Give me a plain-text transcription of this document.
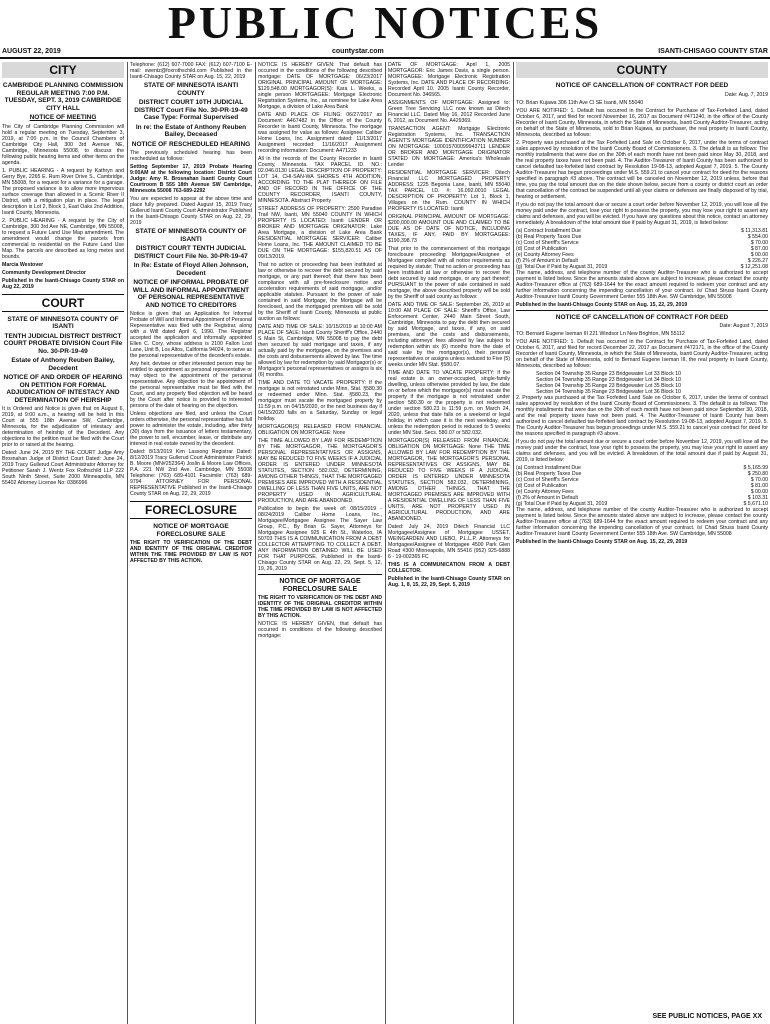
PUBLIC NOTICES
AUGUST 22, 2019	countystar.com	ISANTI-CHISAGO COUNTY STAR
CITY
CAMBRIDGE PLANNING COMMISSION REGULAR MEETING 7:00 P.M. TUESDAY, SEPT. 3, 2019 CAMBRIDGE CITY HALL
NOTICE OF MEETING

The City of Cambridge Planning Commission will hold a regular meeting on Tuesday, September 3, 2019, at 7:00 p.m. in the Council Chambers of Cambridge City Hall, 300 3rd Avenue NE, Cambridge, Minnesota 55008, to discuss the following public hearing items and other items on the agenda.

1. PUBLIC HEARING - A request by Kathryn and Gerry Bye, 2265 E. Rum River Drive S., Cambridge, MN 55008, for a request for a variance for a garage. The proposed variance is to allow more impervious surface coverage than allowed in a Scenic River II District, with a mitigation plan in place. The legal description is Lot 2, Block 1, East Oaks 2nd Addition, Isanti County, Minnesota.

2. PUBLIC HEARING - A request by the City of Cambridge, 300 3rd Ave NE, Cambridge, MN 55008, to request a Future Land Use Map amendment. The amendment would change the parcels from commercial to residential on the Future Land Use Map. The parcels are described as long metes and bounds.

Marcia Westover

Community Development Director

Published in the Isanti-Chisago County STAR on Aug 22, 2019

COURT
STATE OF MINNESOTA COUNTY OF ISANTI
TENTH JUDICIAL DISTRICT DISTRICT COURT PROBATE DIVISION Court File No. 30-PR-19-49
Estate of Anthony Reuben Bailey, Decedent
NOTICE OF AND ORDER OF HEARING ON PETITION FOR FORMAL ADJUDICATION OF INTESTACY AND DETERMINATION OF HEIRSHIP

It is Ordered and Notice is given that on August 6, 2019, at 9:00 a.m., a hearing will be held in this Court at 555 18th Avenue SW, Cambridge, Minnesota, for the adjudication of intestacy and determination of heirship of the Decedent. Any objections to the petition must be filed with the Court prior to or raised at the hearing.

Dated: June 24, 2019 BY THE COURT Judge Amy Brosnahan Judge of District Court Dated: June 24, 2019 Tracy Gullerud Court Administrator Attorney for Petitioner Sarah J. Wentz Fox Rothschild LLP 222 South Ninth Street, Suite 2000 Minneapolis, MN 55402 Attorney License No: 0386996

Telephone: (612) 607-7000 FAX: (612) 607-7100 E-mail: swentz@foxrothschild.com Published in the Isanti-Chisago County STAR on Aug. 15, 22, 2019

STATE OF MINNESOTA ISANTI COUNTY
DISTRICT COURT 10TH JUDICIAL DISTRICT Court File No. 30-PR-19-49 Case Type: Formal Supervised
In re: the Estate of Anthony Reuben Bailey, Deceased
NOTICE OF RESCHEDULED HEARING

The previously scheduled hearing has been rescheduled as follows:

Setting September 17, 2019 Probate Hearing 9:00AM at the following location: District Court Judge: Amy R. Brosnahan Isanti County Court Courtroom B 555 18th Avenue SW Cambridge, Minnesota 55008 763-689-2292

You are expected to appear at the above time and place fully prepared. Dated August 15, 2019 Tracy Gullerud Isanti County Court Administrator Published in the Isanti-Chisago County STAR on Aug. 22, 29, 2019

STATE OF MINNESOTA COUNTY OF ISANTI
DISTRICT COURT TENTH JUDICIAL DISTRICT Court File No. 30-PR-19-47
In Re: Estate of Floyd Allen Johnson, Decedent
NOTICE OF INFORMAL PROBATE OF WILL AND INFORMAL APPOINTMENT OF PERSONAL REPRESENTATIVE AND NOTICE TO CREDITORS

Notice is given that an Application for Informal Probate of Will and Informal Appointment of Personal Representative was filed with the Registrar, along with a Will dated April 6, 1990. The Registrar accepted the application and informally appointed Ellen C. Cory, whose address is 2100 Fallon Lost Lane, Unit B, Los Altos, California 94024, to serve as the personal representative of the decedent's estate.

Any heir, devisee or other interested person may be entitled to appointment as personal representative or may object to the appointment of the personal representative. Any objection to the appointment of the personal representative must be filed with the Court, and any properly filed objection will be heard by the Court after notice is provided to interested persons of the date of hearing on the objection.

Unless objections are filed, and unless the Court orders otherwise, the personal representative has full power to administer the estate, including, after thirty (30) days from the issuance of letters testamentary, the power to sell, encumber, lease, or distribute any interest in real estate owned by the decedent.

Dated: 8/13/2019 Kim Lassong Registrar Dated: 8/12/2019 Tracy Gullerud Court Administrator Patrick B. Moore (MN#252364) Joslin & Moore Law Offices, P.A. 221 NW 2nd Ave. Cambridge, MN 55008 Telephone: (763) 689-4101 Facsimile: (763) 689-9794 ATTORNEY FOR PERSONAL REPRESENTATIVE Published in the Isanti-Chisago County STAR on Aug. 22, 29, 2019

FORECLOSURE
NOTICE OF MORTGAGE FORECLOSURE SALE

THE RIGHT TO VERIFICATION OF THE DEBT AND IDENTITY OF THE ORIGINAL CREDITOR WITHIN THE TIME PROVIDED BY LAW IS NOT AFFECTED BY THIS ACTION.

NOTICE IS HEREBY GIVEN: That default has occurred in the conditions of the following described mortgage: DATE OF MORTGAGE: 06/23/2017 ORIGINAL PRINCIPAL AMOUNT OF MORTGAGE: $129,548.00 MORTGAGOR(S): Kara L. Weeks, a single person MORTGAGEE: Mortgage Electronic Registration Systems, Inc., as nominee for Lake Area Mortgage, a division of Lake Area Bank

DATE AND PLACE OF FILING: 06/27/2017 as Document: A467482 in the Office of the County Recorder in Isanti County, Minnesota. The mortgage was assigned for value as follows: Assignee: Caliber Home Loans, Inc. Assignment dated: 11/13/2017 Assignment recorded: 11/16/2017 Assignment recording information: Document: A471233

All in the records of the County Recorder in Isanti County, Minnesota. TAX PARCEL ID. NO.: 02.046.0130 LEGAL DESCRIPTION OF PROPERTY: LOT 14, CHI-SAN-WA SHORES 4TH ADDITION, ACCORDING TO THE PLAT THEREOF ON FILE AND OF RECORD IN THE OFFICE OF THE COUNTY RECORDER, ISANTI COUNTY, MINNESOTA. Abstract Property

STREET ADDRESS OF PROPERTY: 2590 Paradise Trail NW, Isanti, MN 55040 COUNTY IN WHICH PROPERTY IS LOCATED: Isanti LENDER OR BROKER AND MORTGAGE ORIGINATOR: Lake Area Mortgage, a division of Lake Area Bank RESIDENTIAL MORTGAGE SERVICER: Caliber Home Loans, Inc. THE AMOUNT CLAIMED TO BE DUE ON THE MORTGAGE: $155,820.51 AS OF 09/13/2019.

That no action or proceeding has been instituted at law or otherwise to recover the debt secured by said mortgage, or any part thereof; that there has been compliance with all pre-foreclosure notice and acceleration requirements of said mortgage, and/or applicable statutes. Pursuant to the power of sale contained in said Mortgage, the Mortgage will be foreclosed, and the mortgaged premises will be sold by the Sheriff of Isanti County, Minnesota at public auction as follows:

DATE AND TIME OF SALE: 10/15/2019 at 10:00 AM PLACE OF SALE: Isanti County Sheriff's Office, 2440 S Main St, Cambridge, MN 55008 to pay the debt then secured by said mortgage and taxes, if any actually paid by the mortgagee, on the premises and the costs and disbursements allowed by law. The time allowed by law for redemption by said Mortgagor(s) or Mortgagor's personal representatives or assigns is six (6) months.

TIME AND DATE TO VACATE PROPERTY: If the mortgage is not reinstated under Minn. Stat. §580.30 or redeemed under Minn. Stat. §580.23, the mortgagor must vacate the mortgaged property by 11:59 p.m. on 04/15/2020, or the next business day if 04/15/2020 falls on a Saturday, Sunday or legal holiday.

MORTGAGOR(S) RELEASED FROM FINANCIAL OBLIGATION ON MORTGAGE: None

THE TIME ALLOWED BY LAW FOR REDEMPTION BY THE MORTGAGOR, THE MORTGAGOR'S PERSONAL REPRESENTATIVES OR ASSIGNS, MAY BE REDUCED TO FIVE WEEKS IF A JUDICIAL ORDER IS ENTERED UNDER MINNESOTA STATUTES, SECTION 582.032, DETERMINING, AMONG OTHER THINGS, THAT THE MORTGAGED PREMISES ARE IMPROVED WITH A RESIDENTIAL DWELLING OF LESS THAN FIVE UNITS, ARE NOT PROPERTY USED IN AGRICULTURAL PRODUCTION, AND ARE ABANDONED.

Publication to begin the week of: 08/15/2019 - 08/24/2019 Caliber Home Loans, Inc., Mortgagee/Mortgagee Assignee The Sayer Law Group, P.C., By Brian G. Sayer, Attorneys for Mortgagee Assignee 925 E 4th St., Waterloo, IA 50703 THIS IS A COMMUNICATION FROM A DEBT COLLECTOR ATTEMPTING TO COLLECT A DEBT. ANY INFORMATION OBTAINED WILL BE USED FOR THAT PURPOSE. Published in the Isanti-Chisago County STAR on Aug. 22, 29, Sept. 5, 12, 19, 26, 2019

NOTICE OF MORTGAGE FORECLOSURE SALE

THE RIGHT TO VERIFICATION OF THE DEBT AND IDENTITY OF THE ORIGINAL CREDITOR WITHIN THE TIME PROVIDED BY LAW IS NOT AFFECTED BY THIS ACTION.

NOTICE IS HEREBY GIVEN, that default has occurred in conditions of the following described mortgage:

DATE OF MORTGAGE: April 1, 2005 MORTGAGOR: Eric James Davis, a single person. MORTGAGEE: Mortgage Electronic Registration Systems, Inc. DATE AND PLACE OF RECORDING: Recorded April 10, 2005 Isanti County Recorder, Document No. 346565.

ASSIGNMENTS OF MORTGAGE: Assigned to: Green Tree Servicing LLC now known as Ditech Financial LLC. Dated May 16, 2012 Recorded June 6, 2012, as Document No. A429369.

TRANSACTION AGENT: Mortgage Electronic Registration Systems, Inc. TRANSACTION AGENT'S MORTGAGE IDENTIFICATION NUMBER ON MORTGAGE: 100015700099943711 LENDER OR BROKER AND MORTGAGE ORIGINATOR STATED ON MORTGAGE: America's Wholesale Lender

RESIDENTIAL MORTGAGE SERVICER: Ditech Financial LLC MORTGAGED PROPERTY ADDRESS: 1225 Begonia Lane, Isanti, MN 55040 TAX PARCEL I.D. #: 16.092.0010 LEGAL DESCRIPTION OF PROPERTY: Lot 1, Block 1, Villages on the Rum. COUNTY IN WHICH PROPERTY IS LOCATED: Isanti

ORIGINAL PRINCIPAL AMOUNT OF MORTGAGE: $200,000.00 AMOUNT DUE AND CLAIMED TO BE DUE AS OF DATE OF NOTICE, INCLUDING TAXES, IF ANY, PAID BY MORTGAGEE: $190,398.73

That prior to the commencement of this mortgage foreclosure proceeding Mortgagee/Assignee of Mortgagee complied with all notice requirements as required by statute; That no action or proceeding has been instituted at law or otherwise to recover the debt secured by said mortgage, or any part thereof; PURSUANT to the power of sale contained in said mortgage, the above described property will be sold by the Sheriff of said county as follows:

DATE AND TIME OF SALE: September 26, 2019 at 10:00 AM PLACE OF SALE: Sheriff's Office, Law Enforcement Center, 2440 Main Street South, Cambridge, Minnesota to pay the debt then secured by said Mortgage, and taxes, if any, on said premises, and the costs and disbursements, including attorneys' fees allowed by law subject to redemption within six (6) months from the date of said sale by the mortgagor(s), their personal representatives or assigns unless reduced to Five (5) weeks under MN Stat. §580.07.

TIME AND DATE TO VACATE PROPERTY: If the real estate is an owner-occupied, single-family dwelling, unless otherwise provided by law, the date on or before which the mortgagor(s) must vacate the property if the mortgage is not reinstated under section 580.30 or the property is not redeemed under section 580.23 is 11:59 p.m. on March 24, 2020, unless that date falls on a weekend or legal holiday, in which case it is the next weekday, and unless the redemption period is reduced to 5 weeks under MN Stat. Secs. 580.07 or 582.032.

MORTGAGOR(S) RELEASED FROM FINANCIAL OBLIGATION ON MORTGAGE: None THE TIME ALLOWED BY LAW FOR REDEMPTION BY THE MORTGAGOR, THE MORTGAGOR'S PERSONAL REPRESENTATIVES OR ASSIGNS, MAY BE REDUCED TO FIVE WEEKS IF A JUDICIAL ORDER IS ENTERED UNDER MINNESOTA STATUTES, SECTION 582.032, DETERMINING, AMONG OTHER THINGS, THAT THE MORTGAGED PREMISES ARE IMPROVED WITH A RESIDENTIAL DWELLING OF LESS THAN FIVE UNITS, ARE NOT PROPERTY USED IN AGRICULTURAL PRODUCTION, AND ARE ABANDONED.

Dated: July 24, 2019 Ditech Financial LLC Mortgagee/Assignee of Mortgagee USSET, WEINGARDEN AND LIEBO, P.L.L.P. Attorneys for Mortgagee/Assignee of Mortgagee 4500 Park Glen Road #300 Minneapolis, MN 55416 (952) 925-6888 6 - 19-002365 FC

THIS IS A COMMUNICATION FROM A DEBT COLLECTOR.

Published in the Isanti-Chisago County STAR on Aug. 1, 8, 15, 22, 29, Sept. 5, 2019

COUNTY
NOTICE OF CANCELLATION OF CONTRACT FOR DEED

Date: Aug. 7, 2019

TO: Brian Kujawa 306 11th Ave Cl SE Isanti, MN 55040

YOU ARE NOTIFIED: 1. Default has occurred in the Contract for Purchase of Tax-Forfeited Land, dated October 6, 2017, and filed for record November 16, 2017 as Document #471240, in the office of the County Recorder of Isanti County, Minnesota, in which the State of Minnesota, Isanti County Auditor-Treasurer, acting on behalf of the State of Minnesota, sold to Brian Kujawa, as purchaser, the real property in Isanti County, Minnesota, described as follows:

2. Property was purchased at the Tax Forfeited Land Sale on October 6, 2017, under the terms of contract sales approved by resolution of the Isanti County Board of Commissioners. 3. The default is as follows: The monthly installments that were due on the 30th of each month have not been paid since May 30, 2018, and the real property taxes have not been paid. 4. The Auditor-Treasurer of Isanti County has been authorized to cancel defaulted tax-forfeited land contract by Resolution 19-08-13, adopted August 7, 2019. 5. The County Auditor-Treasurer has begun proceedings under M.S. 559.21 to cancel your contract for deed for the reasons specified in paragraph #3 above. The contract will be canceled on November 12, 2019 unless, before that time, you pay the total amount due on the date shown below, secure from a county or district court an order that cancellation of the contract be suspended until all your claims or defenses are finally disposed of by trial, hearing or settlement.

If you do not pay the total amount due or secure a court order before November 12, 2019, you will lose all the money paid under the contract, lose your right to possess the property, you may lose your right to assert any claims and defenses, and you will be evicted. If you have any questions about this notice, contact an attorney immediately. A breakdown of the total amount due if paid by August 31, 2019, is listed below:

(a) Contract Installment Due	$ 11,313.81
(b) Real Property Taxes Due	$ 554.00
(c) Cost of Sheriff's Service	$ 70.00
(d) Cost of Publication	$ 87.00
(e) County Attorney Fees	$ 00.00
(f) 2% of Amount in Default	$ 226.27
(g) Total Due if Paid by August 31, 2019	$ 12,251.08

The name, address, and telephone number of the county Auditor-Treasurer who is authorized to accept payment is listed below. Since the amounts stated above are subject to increase, please contact the county Auditor-Treasurer office at (763) 689-1644 for the exact amount required to redeem your contract and any further information concerning the impending cancellation of your contract. /s/ Chad Struss Isanti County Auditor-Treasurer Isanti County Government Center 555 18th Ave. SW Cambridge, MN 55008

Published in the Isanti-Chisago County STAR on Aug. 15, 22, 29, 2019

NOTICE OF CANCELLATION OF CONTRACT FOR DEED

Date: August 7, 2019

TO: Bernard Eugene Iseman III 221 Windsor Ln New Brighton, MN 55112

YOU ARE NOTIFIED: 1. Default has occurred in the Contract for Purchase of Tax-Forfeited Land, dated October 6, 2017, and filed for record December 22, 2017 as Document #472171, in the office of the County Recorder of Isanti County, Minnesota, in which the State of Minnesota, Isanti County Auditor-Treasurer, acting on behalf of the State of Minnesota, sold to Bernard Eugene Iseman III, the real property in Isanti County, Minnesota, described as follows:

Section 04 Township 35 Range 23 Bridgewater Lot 33 Block 10

Section 04 Township 35 Range 23 Bridgewater Lot 34 Block 10

Section 04 Township 35 Range 23 Bridgewater Lot 35 Block 10

Section 04 Township 35 Range 23 Bridgewater Lot 36 Block 10

2. Property was purchased at the Tax Forfeited Land Sale on October 6, 2017, under the terms of contract sales approved by resolution of the Isanti County Board of Commissioners. 3. The default is as follows: The monthly installments that were due on the 30th of each month have not been paid since September 30, 2018, and the real property taxes have not been paid. 4. The Auditor-Treasurer of Isanti County has been authorized to cancel defaulted tax-forfeited land contract by Resolution 19-08-13, adopted August 7, 2019. 5. The County Auditor-Treasurer has begun proceedings under M.S. 559.21 to cancel your contract for deed for the reasons specified in paragraph #3 above.

If you do not pay the total amount due or secure a court order before November 12, 2019, you will lose all the money paid under the contract, lose your right to possess the property, you may lose your right to assert any claims and defenses, and you will be evicted. A breakdown of the total amount due if paid by August 31, 2019, is listed below:

(a) Contract Installment Due	$ 5,165.99
(b) Real Property Taxes Due	$ 250.80
(c) Cost of Sheriff's Service	$ 70.00
(d) Cost of Publication	$ 81.00
(e) County Attorney Fees	$ 00.00
(f) 2% of Amount in Default	$ 103.31
(g) Total Due if Paid by August 31, 2019	$ 5,671.10

The name, address, and telephone number of the county Auditor-Treasurer who is authorized to accept payment is listed below. Since the amounts stated above are subject to increase, please contact the county Auditor-Treasurer office at (763) 689-1644 for the exact amount required to redeem your contract and any further information concerning the impending cancellation of your contract. /s/ Chad Struss Isanti County Auditor-Treasurer Isanti County Government Center 555 18th Ave. SW Cambridge, MN 55008

Published in the Isanti-Chisago County STAR on Aug. 15, 22, 29, 2019

SEE PUBLIC NOTICES, PAGE XX
